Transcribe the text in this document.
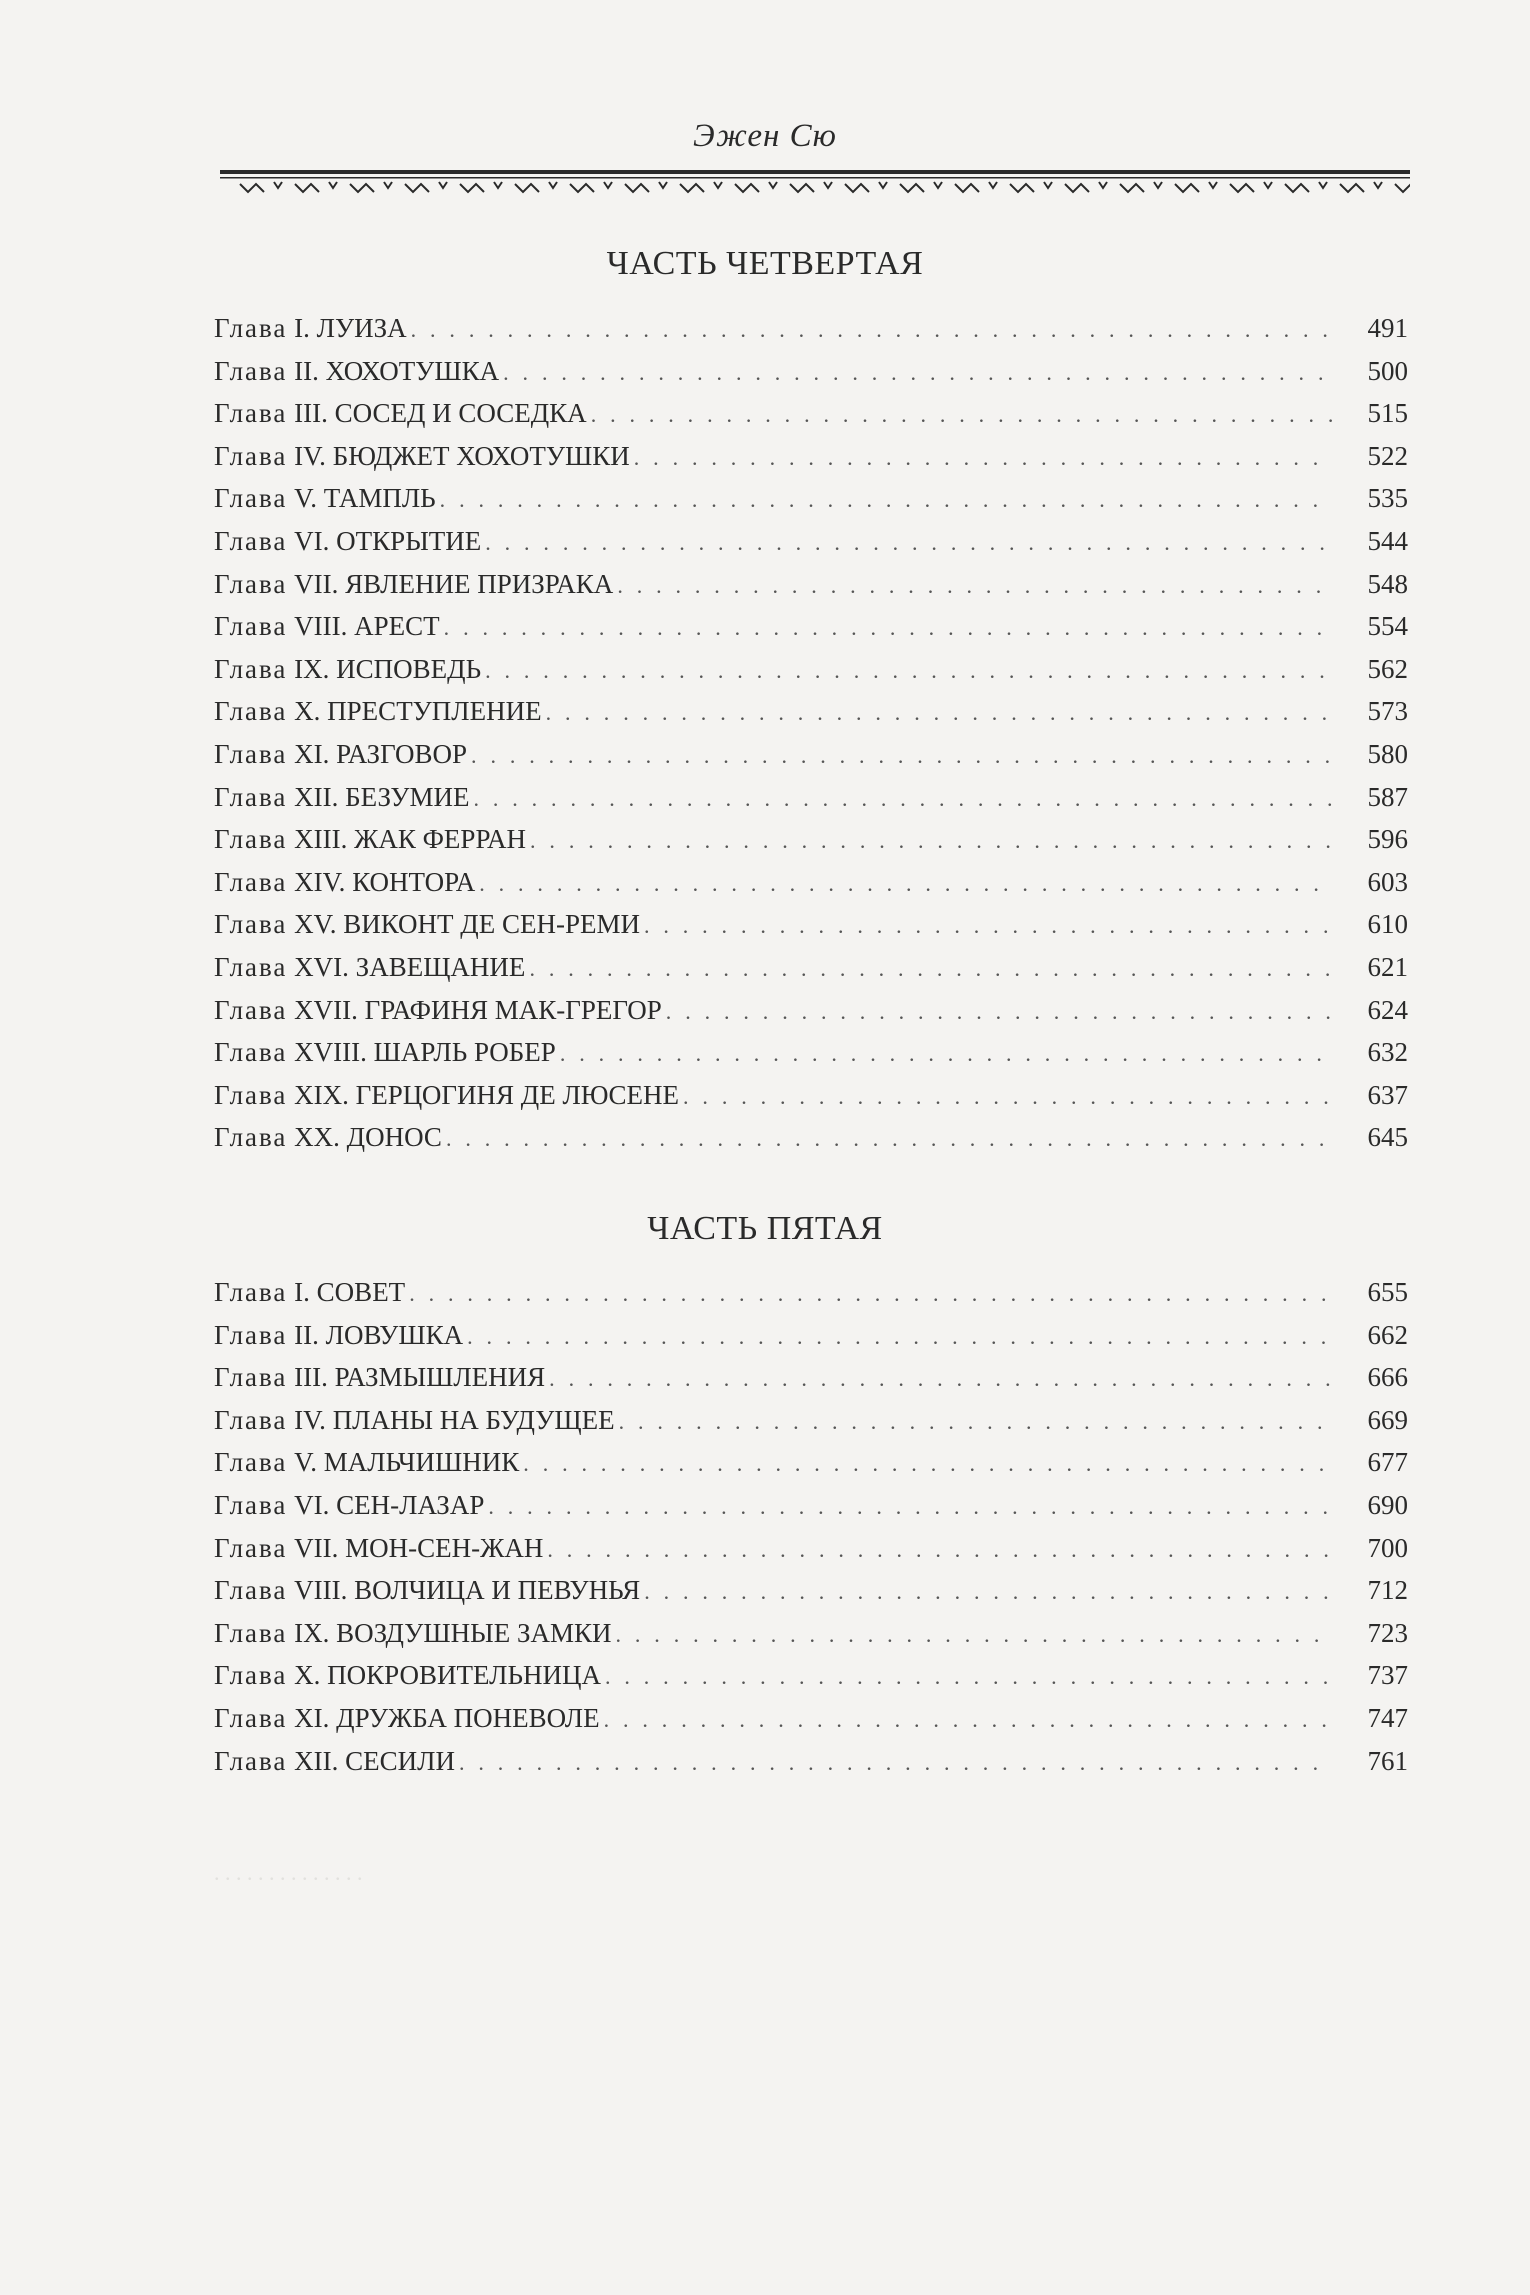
Эжен Сю
ЧАСТЬ ЧЕТВЕРТАЯ
Глава I. ЛУИЗА . . .	491
Глава II. ХОХОТУШКА . . .	500
Глава III. СОСЕД И СОСЕДКА . . .	515
Глава IV. БЮДЖЕТ ХОХОТУШКИ . . .	522
Глава V. ТАМПЛЬ . . .	535
Глава VI. ОТКРЫТИЕ . . .	544
Глава VII. ЯВЛЕНИЕ ПРИЗРАКА . . .	548
Глава VIII. АРЕСТ . . .	554
Глава IX. ИСПОВЕДЬ . . .	562
Глава X. ПРЕСТУПЛЕНИЕ . . .	573
Глава XI. РАЗГОВОР . . .	580
Глава XII. БЕЗУМИЕ . . .	587
Глава XIII. ЖАК ФЕРРАН . . .	596
Глава XIV. КОНТОРА . . .	603
Глава XV. ВИКОНТ ДЕ СЕН-РЕМИ . . .	610
Глава XVI. ЗАВЕЩАНИЕ . . .	621
Глава XVII. ГРАФИНЯ МАК-ГРЕГОР . . .	624
Глава XVIII. ШАРЛЬ РОБЕР . . .	632
Глава XIX. ГЕРЦОГИНЯ ДЕ ЛЮСЕНЕ . . .	637
Глава XX. ДОНОС . . .	645
ЧАСТЬ ПЯТАЯ
Глава I. СОВЕТ . . .	655
Глава II. ЛОВУШКА . . .	662
Глава III. РАЗМЫШЛЕНИЯ . . .	666
Глава IV. ПЛАНЫ НА БУДУЩЕЕ . . .	669
Глава V. МАЛЬЧИШНИК . . .	677
Глава VI. СЕН-ЛАЗАР . . .	690
Глава VII. МОН-СЕН-ЖАН . . .	700
Глава VIII. ВОЛЧИЦА И ПЕВУНЬЯ . . .	712
Глава IX. ВОЗДУШНЫЕ ЗАМКИ . . .	723
Глава X. ПОКРОВИТЕЛЬНИЦА . . .	737
Глава XI. ДРУЖБА ПОНЕВОЛЕ . . .	747
Глава XII. СЕСИЛИ . . .	761
. . . . . . . . . . . . . .
